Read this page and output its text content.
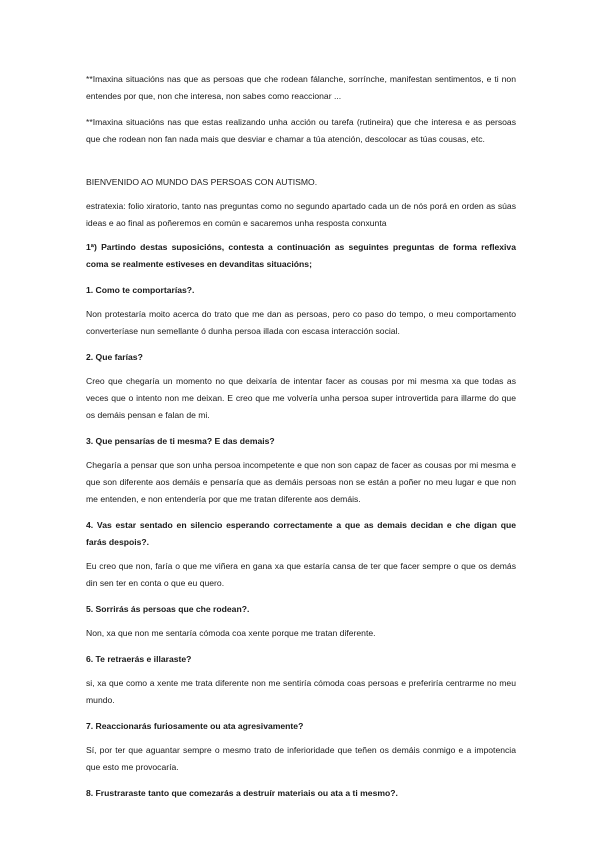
**Imaxina situacións nas que as persoas que che rodean fálanche, sorrínche, manifestan sentimentos, e ti non entendes por que, non che interesa, non sabes como reaccionar ...

**Imaxina situacións nas que estas realizando unha acción ou tarefa (rutineira) que che interesa e as persoas que che rodean non fan nada mais que desviar e chamar a túa atención, descolocar as túas cousas, etc.

BIENVENIDO AO MUNDO DAS PERSOAS CON AUTISMO.

estratexia: folio xiratorio, tanto nas preguntas como no segundo apartado cada un de nós porá en orden as súas ideas e ao final as poñeremos en común e sacaremos unha resposta conxunta

1ª) Partindo destas suposicións, contesta a continuación as seguintes preguntas de forma reflexiva coma se realmente estiveses en devanditas situacións;

1. Como te comportarías?.

Non protestaría moito acerca do trato que me dan as persoas, pero co paso do tempo, o meu comportamento converteríase nun semellante ó dunha persoa illada con escasa interacción social.

2. Que farías?

Creo que chegaría un momento no que deixaría de intentar facer as cousas por mi mesma xa que todas as veces que o intento non me deixan. E creo que me volvería unha persoa super introvertida para illarme do que os demáis pensan e falan de mi.

3. Que pensarías de ti mesma? E das demais?

Chegaría a pensar que son unha persoa incompetente e que non son capaz de facer as cousas por mi mesma e que son diferente aos demáis e pensaría que as demáis persoas non se están a poñer no meu lugar e que non me entenden, e non entendería por que me tratan diferente aos demáis.

4. Vas estar sentado en silencio esperando correctamente a que as demais decidan e che digan que farás despois?.

Eu creo que non, faría o que me viñera en gana xa que estaría cansa de ter que facer sempre o que os demás din sen ter en conta o que eu quero.

5. Sorrirás ás persoas que che rodean?.

Non, xa que non me sentaría cómoda coa xente porque me tratan diferente.

6. Te retraerás e illaraste?

si, xa que como a xente me trata diferente non me sentiría cómoda coas persoas e preferiría centrarme no meu mundo.

7. Reaccionarás furiosamente ou ata agresivamente?

Sí, por ter que aguantar sempre o mesmo trato de inferioridade que teñen os demáis conmigo e a impotencia que esto me provocaría.

8. Frustraraste tanto que comezarás a destruír materiais ou ata a ti mesmo?.
